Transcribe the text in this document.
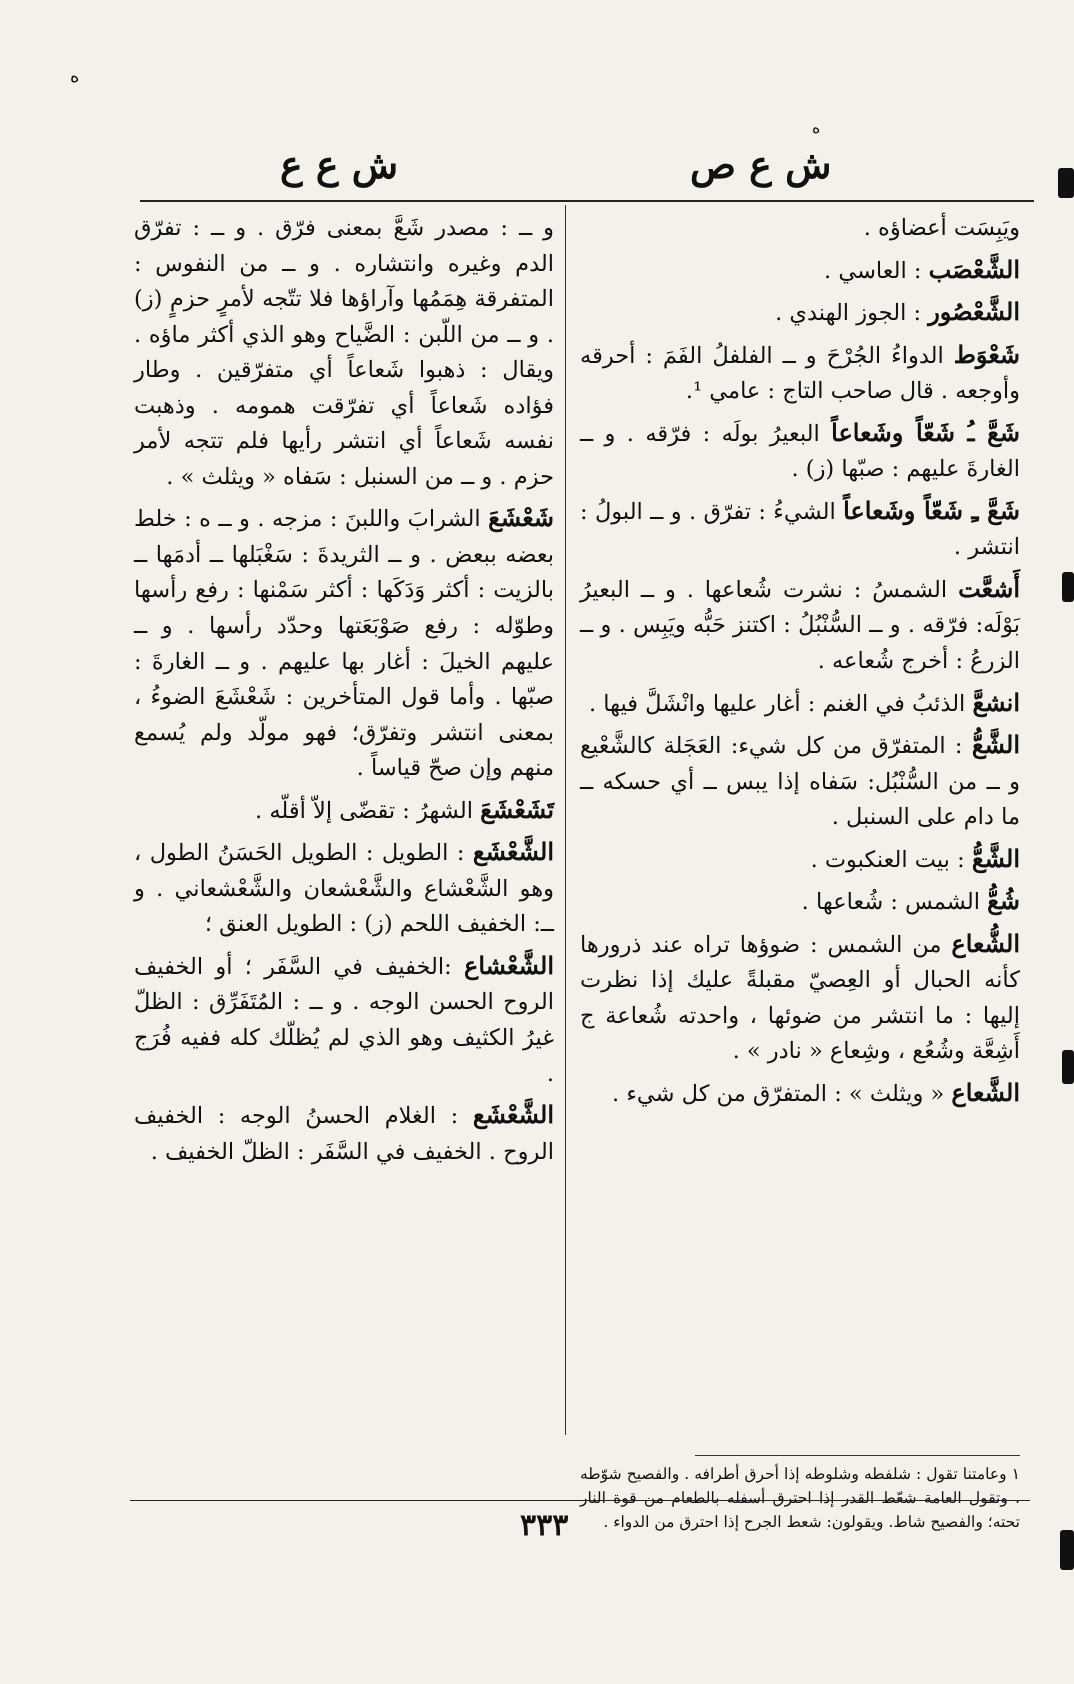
ه
ه
ش ع ص
ش ع ع

ويَبِسَت أعضاؤه .

الشَّعْصَب : العاسي .

الشَّعْصُور : الجوز الهندي .

شَعْوَط الدواءُ الجُرْحَ و ــ الفلفلُ الفَمَ : أحرقه وأوجعه . قال صاحب التاج : عامي ¹.

شَعَّ ـُ شَعّاً وشَعاعاً البعيرُ بولَه : فرّقه . و ــ الغارةَ عليهم : صبّها (ز) .

شَعَّ ـِ شَعّاً وشَعاعاً الشيءُ : تفرّق . و ــ البولُ : انتشر .

أَشعَّت الشمسُ : نشرت شُعاعها . و ــ البعيرُ بَوْلَه: فرّقه . و ــ السُّنْبُلُ : اكتنز حَبُّه ويَبِس . و ــ الزرعُ : أخرج شُعاعه .

انشعَّ الذئبُ في الغنم : أغار عليها وانْشَلَّ فيها .

الشَّعُّ : المتفرّق من كل شيء: العَجَلة كالشَّعْيع و ــ من السُّنْبُل: سَفاه إذا يبس ــ أي حسكه ــ ما دام على السنبل .

الشَّعُّ : بيت العنكبوت .

شُعُّ الشمس : شُعاعها .

الشُّعاع من الشمس : ضوؤها تراه عند ذرورها كأنه الحبال أو العِصيّ مقبلةً عليك إذا نظرت إليها : ما انتشر من ضوئها ، واحدته شُعاعة ج أَشِعَّة وشُعُع ، وشِعاع « نادر » .

الشَّعاع « ويثلث » : المتفرّق من كل شيء .

و ــ : مصدر شَعَّ بمعنى فرّق . و ــ : تفرّق الدم وغيره وانتشاره . و ــ من النفوس : المتفرقة هِمَمُها وآراؤها فلا تتّجه لأمرٍ حزمٍ (ز) . و ــ من اللّبن : الضَّياح وهو الذي أكثر ماؤه . ويقال : ذهبوا شَعاعاً أي متفرّقين . وطار فؤاده شَعاعاً أي تفرّقت همومه . وذهبت نفسه شَعاعاً أي انتشر رأيها فلم تتجه لأمر حزم . و ــ من السنبل : سَفاه « ويثلث » .

شَعْشَعَ الشرابَ واللبنَ : مزجه . و ــ ه : خلط بعضه ببعض . و ــ الثريدةَ : سَغْبَلها ــ أدمَها ــ بالزيت : أكثر وَدَكَها : أكثر سَمْنها : رفع رأسها وطوّله : رفع صَوْبَعَتها وحدّد رأسها . و ــ عليهم الخيلَ : أغار بها عليهم . و ــ الغارةَ : صبّها . وأما قول المتأخرين : شَعْشَعَ الضوءُ ، بمعنى انتشر وتفرّق؛ فهو مولّد ولم يُسمع منهم وإن صحّ قياساً .

تَشَعْشَعَ الشهرُ : تقضّى إلاّ أقلّه .

الشَّعْشَع : الطويل : الطويل الحَسَنُ الطول ، وهو الشَّعْشاع والشَّعْشعان والشَّعْشعاني . و ــ: الخفيف اللحم (ز) : الطويل العنق ؛

الشَّعْشاع :الخفيف في السَّفَر ؛ أو الخفيف الروح الحسن الوجه . و ــ : المُتَفَرِّق : الظلّ غيرُ الكثيف وهو الذي لم يُظلّك كله ففيه فُرَج .

الشَّعْشَع : الغلام الحسنُ الوجه : الخفيف الروح . الخفيف في السَّفَر : الظلّ الخفيف .

١ وعامتنا تقول : شلفطه وشلوطه إذا أحرق أطرافه . والفصيح شوّطه . وتقول العامة شعّط القدر إذا احترق أسفله بالطعام من قوة النار تحته؛ والفصيح شاط. ويقولون: شعط الجرح إذا احترق من الدواء .
٣٣٣
